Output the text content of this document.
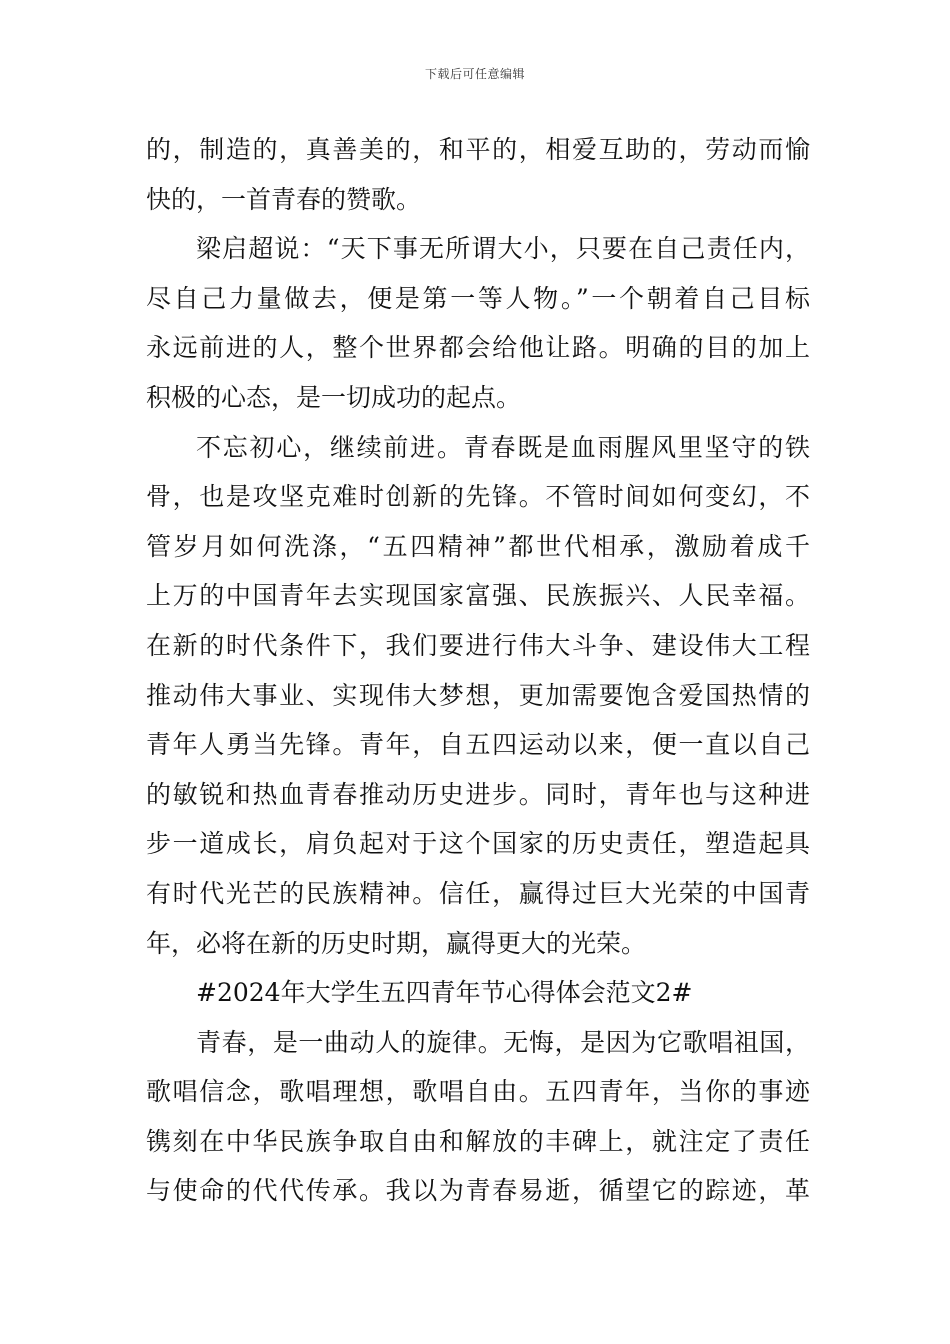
下载后可任意编辑
的，制造的，真善美的，和平的，相爱互助的，劳动而愉
快的，一首青春的赞歌。
梁启超说：“天下事无所谓大小，只要在自己责任内，
尽自己力量做去，便是第一等人物。”一个朝着自己目标
永远前进的人，整个世界都会给他让路。明确的目的加上
积极的心态，是一切成功的起点。
不忘初心，继续前进。青春既是血雨腥风里坚守的铁
骨，也是攻坚克难时创新的先锋。不管时间如何变幻，不
管岁月如何洗涤，“五四精神”都世代相承，激励着成千
上万的中国青年去实现国家富强、民族振兴、人民幸福。
在新的时代条件下，我们要进行伟大斗争、建设伟大工程
推动伟大事业、实现伟大梦想，更加需要饱含爱国热情的
青年人勇当先锋。青年，自五四运动以来，便一直以自己
的敏锐和热血青春推动历史进步。同时，青年也与这种进
步一道成长，肩负起对于这个国家的历史责任，塑造起具
有时代光芒的民族精神。信任，赢得过巨大光荣的中国青
年，必将在新的历史时期，赢得更大的光荣。
#2024年大学生五四青年节心得体会范文2#
青春，是一曲动人的旋律。无悔，是因为它歌唱祖国，
歌唱信念，歌唱理想，歌唱自由。五四青年，当你的事迹
镌刻在中华民族争取自由和解放的丰碑上，就注定了责任
与使命的代代传承。我以为青春易逝，循望它的踪迹，革
